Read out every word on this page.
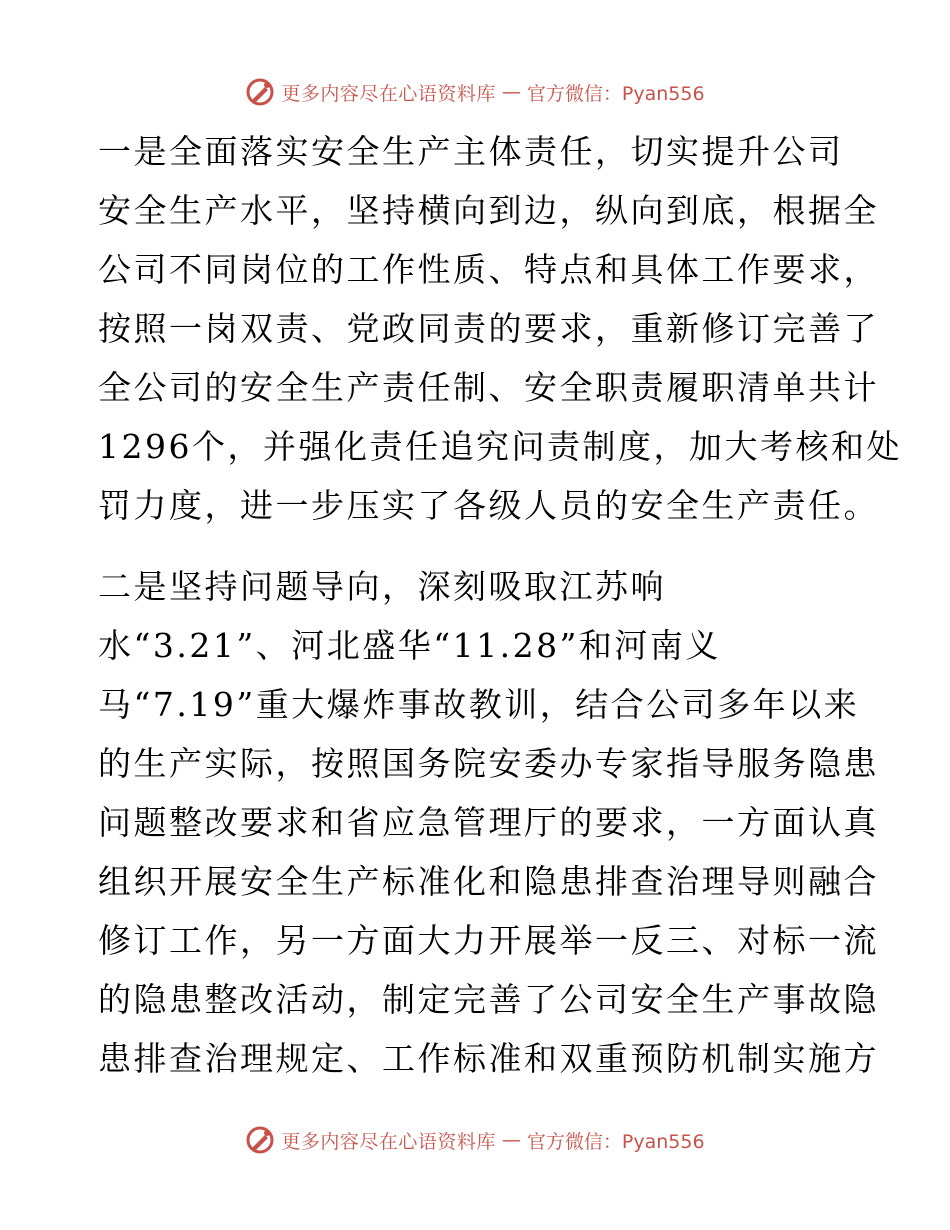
更多内容尽在心语资料库 — 官方微信：Pyan556
一是全面落实安全生产主体责任，切实提升公司
安全生产水平，坚持横向到边，纵向到底，根据全
公司不同岗位的工作性质、特点和具体工作要求，
按照一岗双责、党政同责的要求，重新修订完善了
全公司的安全生产责任制、安全职责履职清单共计
1296个，并强化责任追究问责制度，加大考核和处
罚力度，进一步压实了各级人员的安全生产责任。
二是坚持问题导向，深刻吸取江苏响
水“3.21”、河北盛华“11.28”和河南义
马“7.19”重大爆炸事故教训，结合公司多年以来
的生产实际，按照国务院安委办专家指导服务隐患
问题整改要求和省应急管理厅的要求，一方面认真
组织开展安全生产标准化和隐患排查治理导则融合
修订工作，另一方面大力开展举一反三、对标一流
的隐患整改活动，制定完善了公司安全生产事故隐
患排查治理规定、工作标准和双重预防机制实施方
更多内容尽在心语资料库 — 官方微信：Pyan556
